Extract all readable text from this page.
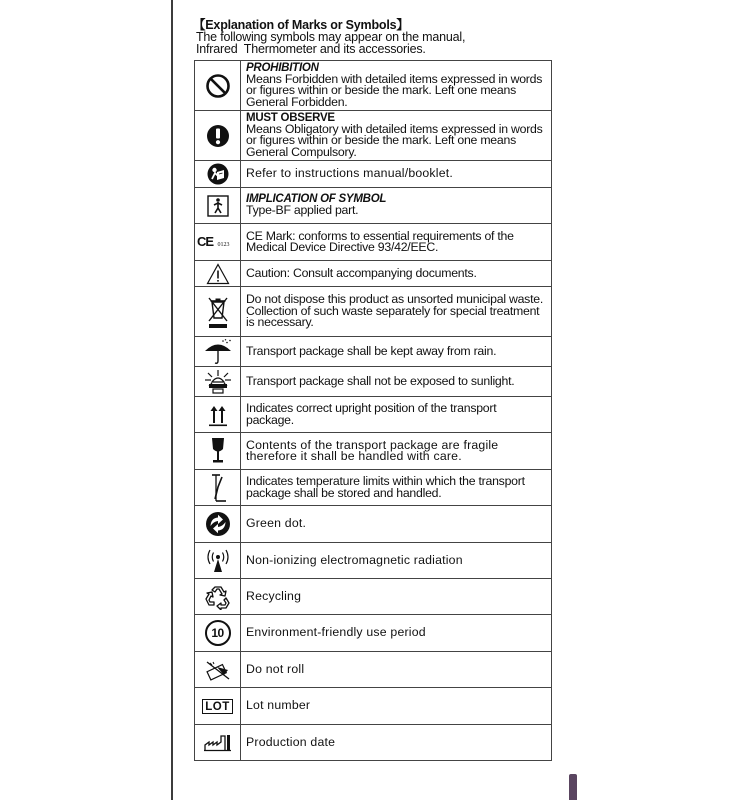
【Explanation of Marks or Symbols】
The following symbols may appear on the manual,
Infrared  Thermometer and its accessories.

PROHIBITION
Means Forbidden with detailed items expressed in words or figures within or beside the mark. Left one means General Forbidden.

MUST OBSERVE
Means Obligatory with detailed items expressed in words or figures within or beside the mark. Left one means General Compulsory.

Refer to instructions manual/booklet.

IMPLICATION OF SYMBOL
Type-BF applied part.

CE 0123	CE Mark: conforms to essential requirements of the Medical Device Directive 93/42/EEC.

Caution: Consult accompanying documents.

Do not dispose this product as unsorted municipal waste. Collection of such waste separately for special treatment is necessary.

Transport package shall be kept away from rain.

Transport package shall not be exposed to sunlight.

Indicates correct upright position of the transport package.

Contents of the transport package are fragile therefore it shall be handled with care.

Indicates temperature limits within which the transport package shall be stored and handled.

Green dot.

Non-ionizing electromagnetic radiation

Recycling

10	Environment-friendly use period

Do not roll

LOT	Lot number

Production date
